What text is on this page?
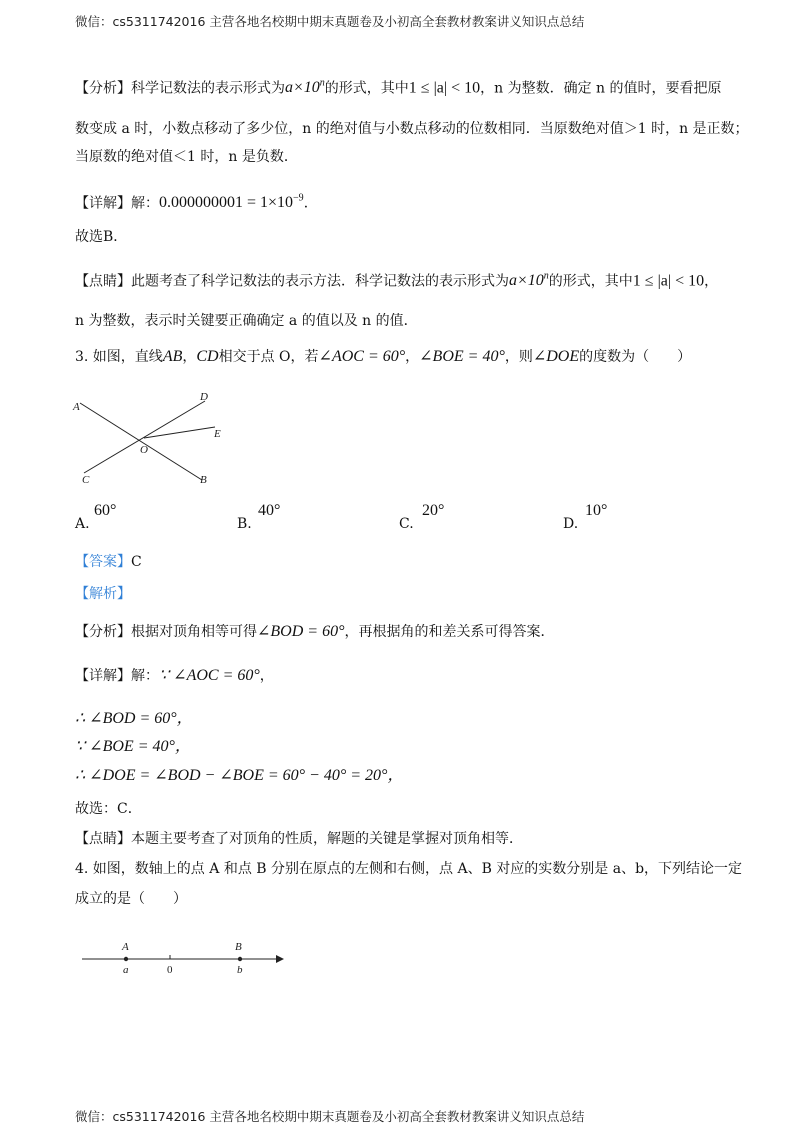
微信：cs5311742016 主营各地名校期中期末真题卷及小初高全套教材教案讲义知识点总结
【分析】科学记数法的表示形式为$a\times 10^n$的形式，其中1 ≤ |a| < 10，n 为整数．确定 n 的值时，要看把原
数变成 a 时，小数点移动了多少位，n 的绝对值与小数点移动的位数相同．当原数绝对值＞1 时，n 是正数；
当原数的绝对值＜1 时，n 是负数．
【详解】解：$0.000000001 = 1\times 10^{-9}$．
故选B．
【点睛】此题考查了科学记数法的表示方法．科学记数法的表示形式为$a\times 10^n$的形式，其中1 ≤ |a| < 10，
n 为整数，表示时关键要正确确定 a 的值以及 n 的值．
3. 如图，直线AB，CD相交于点 O，若∠AOC = 60°，∠BOE = 40°，则∠DOE的度数为（　　）
A
D
E
O
C	B
A.
60°
B.
40°
C.
20°
D.
10°
【答案】C
【解析】
【分析】根据对顶角相等可得∠BOD = 60°，再根据角的和差关系可得答案．
【详解】解：∵ ∠AOC = 60°，
∴ ∠BOD = 60°，
∵ ∠BOE = 40°，
∴ ∠DOE = ∠BOD − ∠BOE = 60° − 40° = 20°，
故选：C．
【点睛】本题主要考查了对顶角的性质，解题的关键是掌握对顶角相等．
4. 如图，数轴上的点 A 和点 B 分别在原点的左侧和右侧，点 A、B 对应的实数分别是 a、b，下列结论一定
成立的是（　　）
A	B
a	0	b
微信：cs5311742016 主营各地名校期中期末真题卷及小初高全套教材教案讲义知识点总结
